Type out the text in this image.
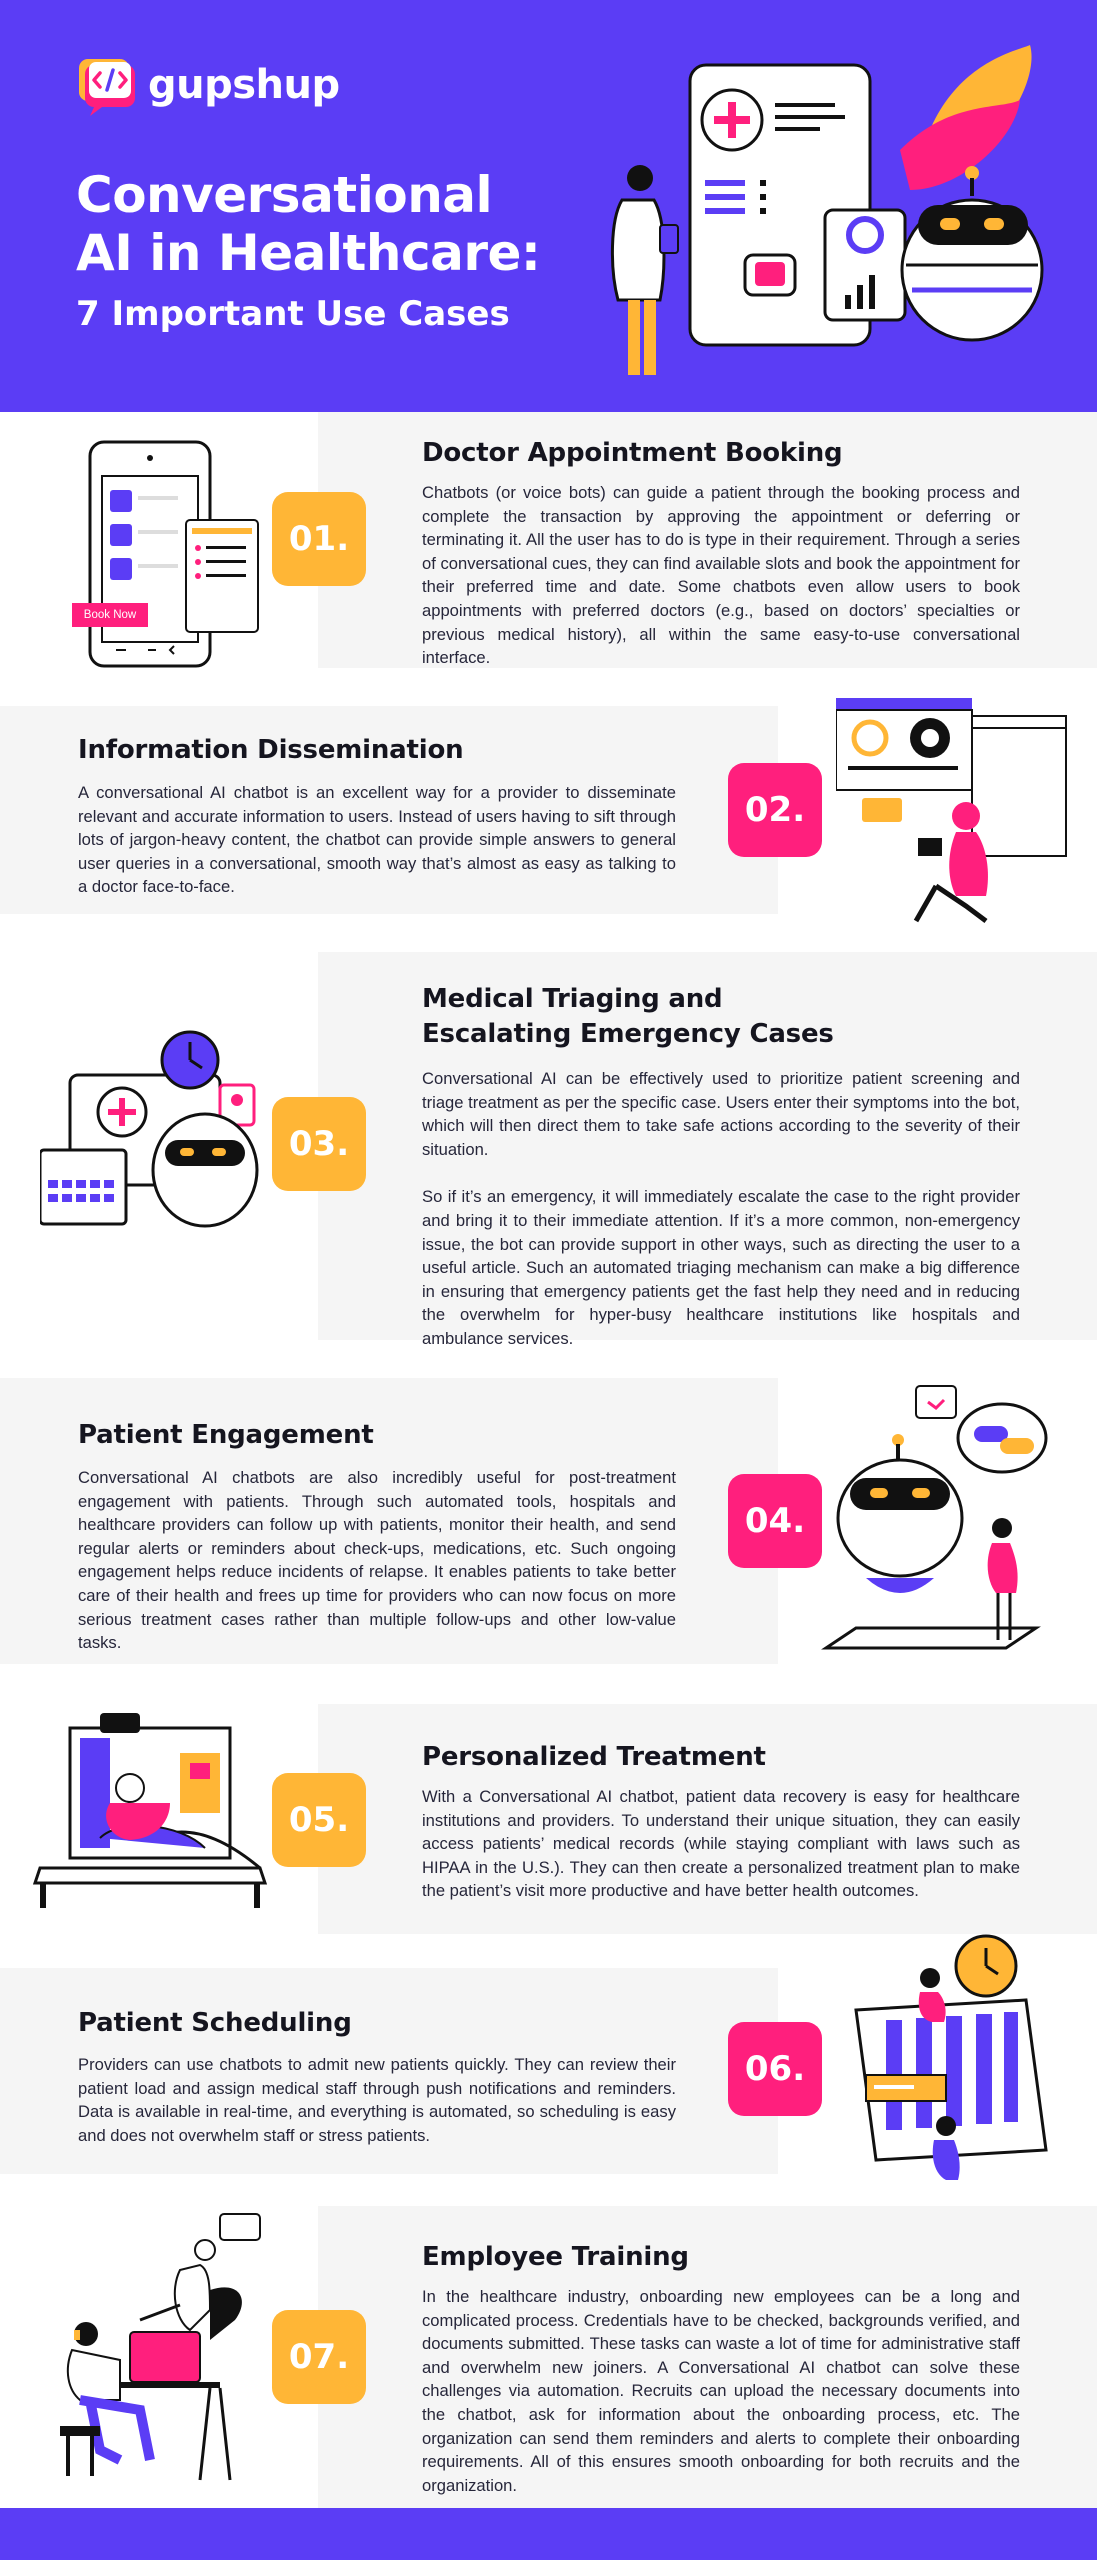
gupshup
Conversational
AI in Healthcare:
7 Important Use Cases
Book Now
01.
Doctor Appointment Booking

Chatbots (or voice bots) can guide a patient through the booking process and complete the transaction by approving the appointment or deferring or terminating it. All the user has to do is type in their requirement. Through a series of conversational cues, they can find available slots and book the appointment for their preferred time and date. Some chatbots even allow users to book appointments with preferred doctors (e.g., based on doctors’ specialties or previous medical history), all within the same easy-to-use conversational interface.

02.
Information Dissemination

A conversational AI chatbot is an excellent way for a provider to disseminate relevant and accurate information to users. Instead of users having to sift through lots of jargon-heavy content, the chatbot can provide simple answers to general user queries in a conversational, smooth way that’s almost as easy as talking to a doctor face-to-face.

03.
Medical Triaging and
Escalating Emergency Cases

Conversational AI can be effectively used to prioritize patient screening and triage treatment as per the specific case. Users enter their symptoms into the bot, which will then direct them to take safe actions according to the severity of their situation.

So if it’s an emergency, it will immediately escalate the case to the right provider and bring it to their immediate attention. If it’s a more common, non-emergency issue, the bot can provide support in other ways, such as directing the user to a useful article. Such an automated triaging mechanism can make a big difference in ensuring that emergency patients get the fast help they need and in reducing the overwhelm for hyper-busy healthcare institutions like hospitals and ambulance services.

04.
Patient Engagement

Conversational AI chatbots are also incredibly useful for post-treatment engagement with patients. Through such automated tools, hospitals and healthcare providers can follow up with patients, monitor their health, and send regular alerts or reminders about check-ups, medications, etc. Such ongoing engagement helps reduce incidents of relapse. It enables patients to take better care of their health and frees up time for providers who can now focus on more serious treatment cases rather than multiple follow-ups and other low-value tasks.

05.
Personalized Treatment

With a Conversational AI chatbot, patient data recovery is easy for healthcare institutions and providers. To understand their unique situation, they can easily access patients’ medical records (while staying compliant with laws such as HIPAA in the U.S.). They can then create a personalized treatment plan to make the patient’s visit more productive and have better health outcomes.

06.
Patient Scheduling

Providers can use chatbots to admit new patients quickly. They can review their patient load and assign medical staff through push notifications and reminders. Data is available in real-time, and everything is automated, so scheduling is easy and does not overwhelm staff or stress patients.

07.
Employee Training

In the healthcare industry, onboarding new employees can be a long and complicated process. Credentials have to be checked, backgrounds verified, and documents submitted. These tasks can waste a lot of time for administrative staff and overwhelm new joiners. A Conversational AI chatbot can solve these challenges via automation. Recruits can upload the necessary documents into the chatbot, ask for information about the onboarding process, etc. The organization can send them reminders and alerts to complete their onboarding requirements. All of this ensures smooth onboarding for both recruits and the organization.
